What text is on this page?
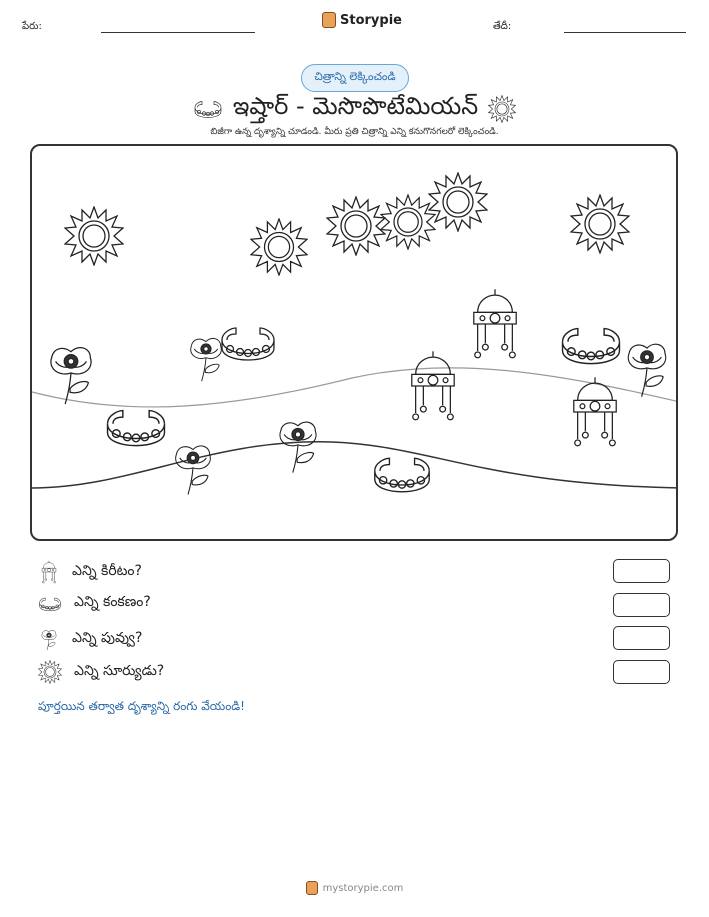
పేరు:	Storypie	తేదీ:
చిత్రాన్ని లెక్కించండి
ఇష్తార్ - మెసొపొటేమియన్
బిజీగా ఉన్న దృశ్యాన్ని చూడండి. మీరు ప్రతి చిత్రాన్ని ఎన్ని కనుగొనగలరో లెక్కించండి.
ఎన్ని కిరీటం?
ఎన్ని కంకణం?
ఎన్ని పువ్వు?
ఎన్ని సూర్యుడు?
పూర్తయిన తర్వాత దృశ్యాన్ని రంగు వేయండి!
mystorypie.com
